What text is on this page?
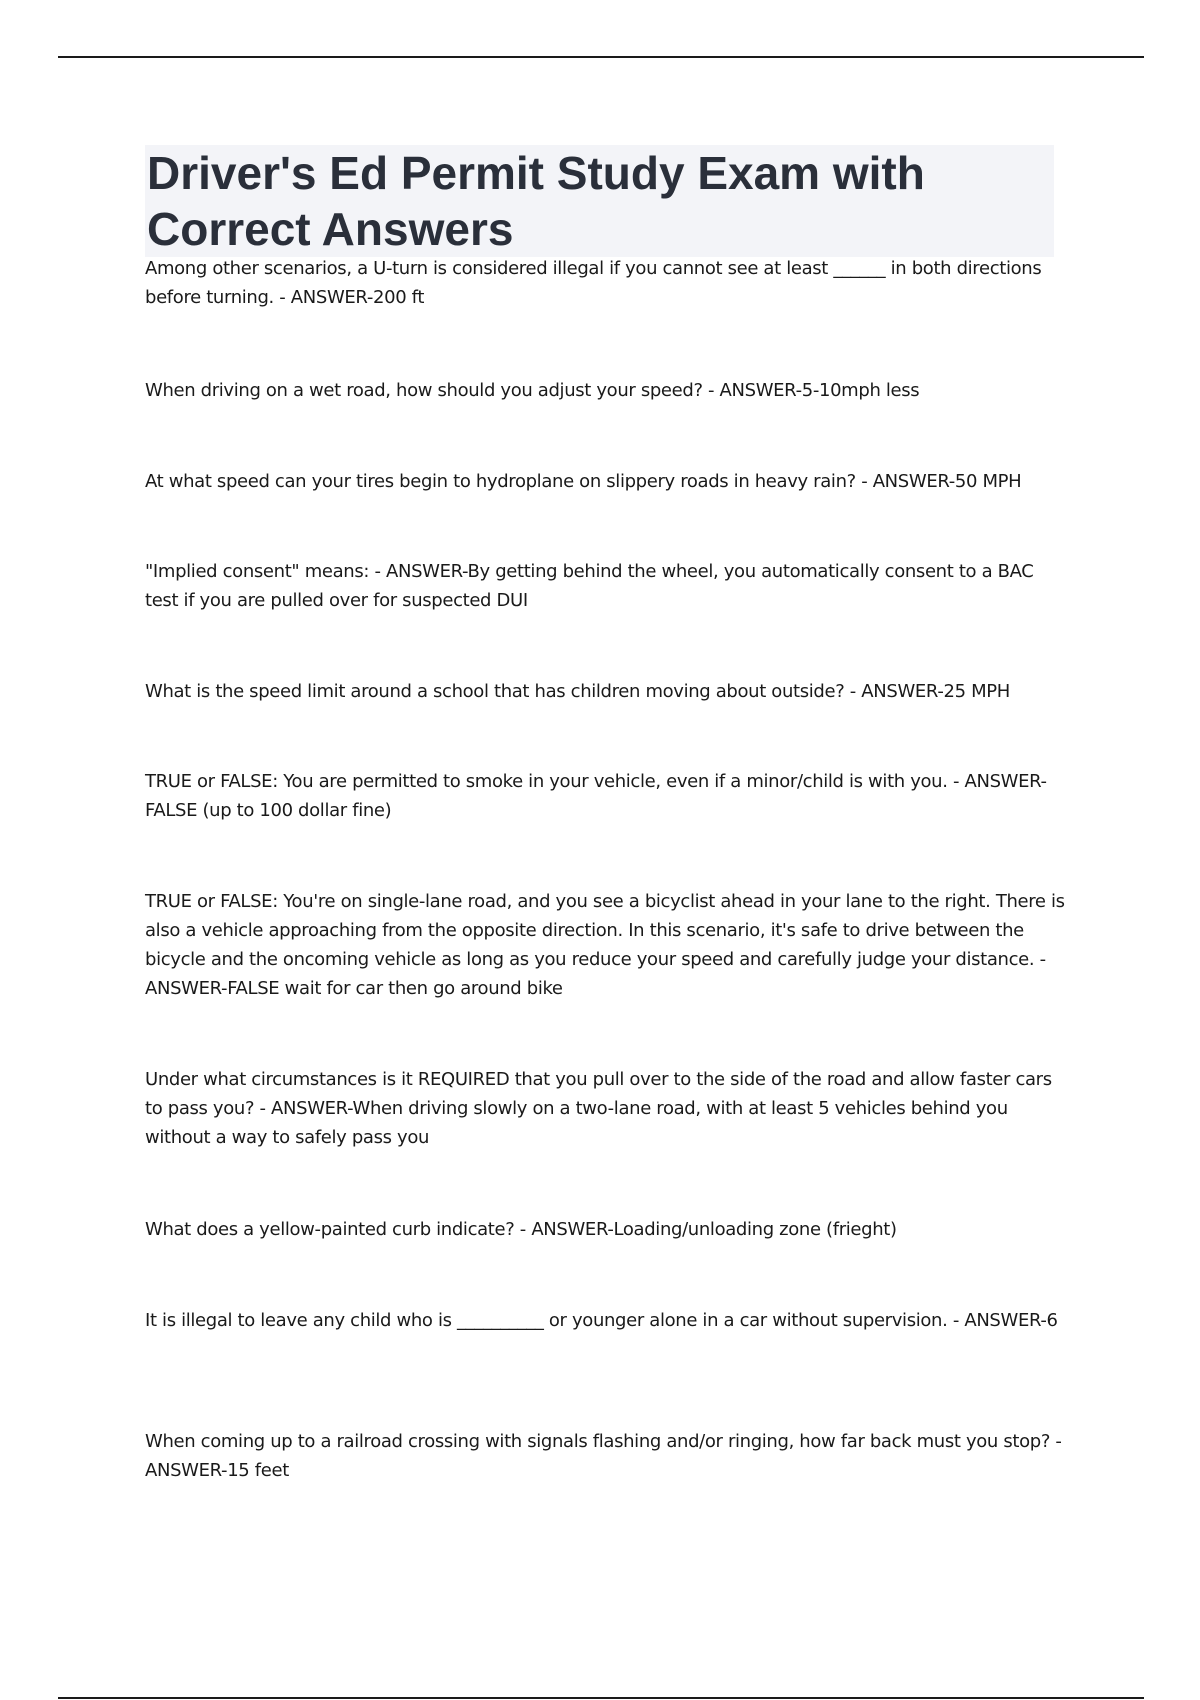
Driver's Ed Permit Study Exam with Correct Answers

Among other scenarios, a U-turn is considered illegal if you cannot see at least ______ in both directions before turning. - ANSWER-200 ft

When driving on a wet road, how should you adjust your speed? - ANSWER-5-10mph less

At what speed can your tires begin to hydroplane on slippery roads in heavy rain? - ANSWER-50 MPH

"Implied consent" means: - ANSWER-By getting behind the wheel, you automatically consent to a BAC test if you are pulled over for suspected DUI

What is the speed limit around a school that has children moving about outside? - ANSWER-25 MPH

TRUE or FALSE: You are permitted to smoke in your vehicle, even if a minor/child is with you. - ANSWER-FALSE (up to 100 dollar fine)

TRUE or FALSE: You're on single-lane road, and you see a bicyclist ahead in your lane to the right. There is also a vehicle approaching from the opposite direction. In this scenario, it's safe to drive between the bicycle and the oncoming vehicle as long as you reduce your speed and carefully judge your distance. - ANSWER-FALSE wait for car then go around bike

Under what circumstances is it REQUIRED that you pull over to the side of the road and allow faster cars to pass you? - ANSWER-When driving slowly on a two-lane road, with at least 5 vehicles behind you without a way to safely pass you

What does a yellow-painted curb indicate? - ANSWER-Loading/unloading zone (frieght)

It is illegal to leave any child who is __________ or younger alone in a car without supervision. - ANSWER-6

When coming up to a railroad crossing with signals flashing and/or ringing, how far back must you stop? - ANSWER-15 feet
